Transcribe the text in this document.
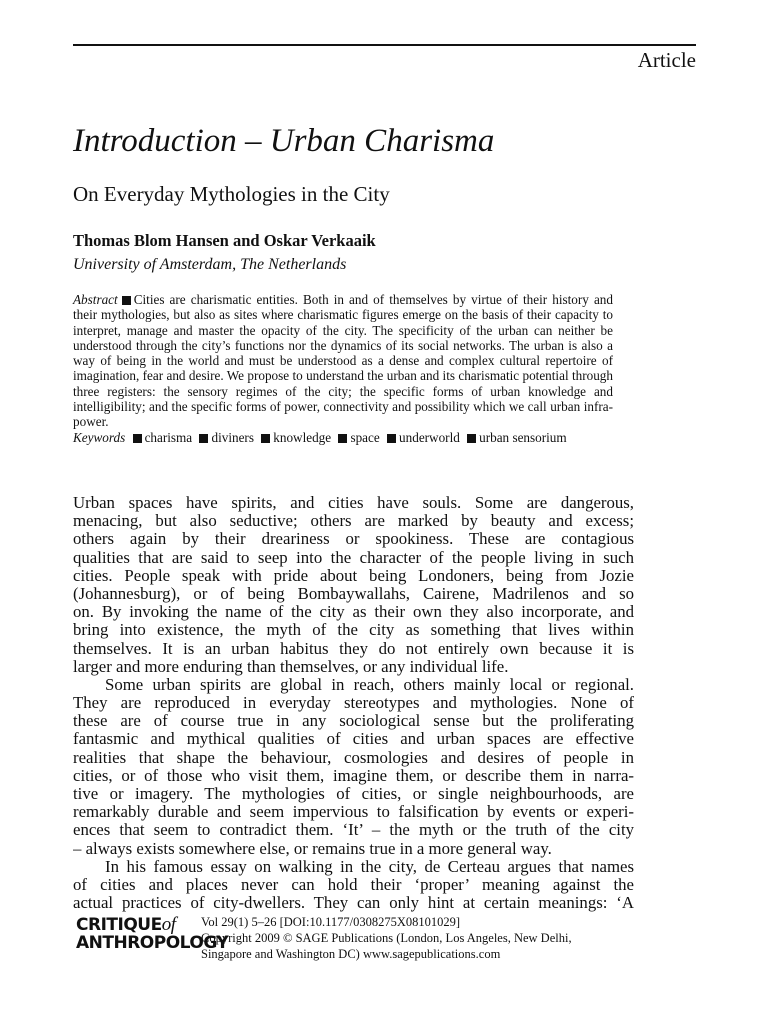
Article
Introduction – Urban Charisma
On Everyday Mythologies in the City
Thomas Blom Hansen and Oskar Verkaaik
University of Amsterdam, The Netherlands
Abstract Cities are charismatic entities. Both in and of themselves by virtue of their history and their mythologies, but also as sites where charismatic figures emerge on the basis of their capacity to interpret, manage and master the opacity of the city. The specificity of the urban can neither be understood through the city’s functions nor the dynamics of its social networks. The urban is also a way of being in the world and must be understood as a dense and complex cultural repertoire of imagination, fear and desire. We propose to understand the urban and its charismatic potential through three registers: the sensory regimes of the city; the specific forms of urban knowledge and intelligibility; and the specific forms of power, connectivity and possibility which we call urban infra-power.
Keywords charisma diviners knowledge space underworld urban sensorium
Urban spaces have spirits, and cities have souls. Some are dangerous,
menacing, but also seductive; others are marked by beauty and excess;
others again by their dreariness or spookiness. These are contagious
qualities that are said to seep into the character of the people living in such
cities. People speak with pride about being Londoners, being from Jozie
(Johannesburg), or of being Bombaywallahs, Cairene, Madrilenos and so
on. By invoking the name of the city as their own they also incorporate, and
bring into existence, the myth of the city as something that lives within
themselves. It is an urban habitus they do not entirely own because it is
larger and more enduring than themselves, or any individual life.
Some urban spirits are global in reach, others mainly local or regional.
They are reproduced in everyday stereotypes and mythologies. None of
these are of course true in any sociological sense but the proliferating
fantasmic and mythical qualities of cities and urban spaces are effective
realities that shape the behaviour, cosmologies and desires of people in
cities, or of those who visit them, imagine them, or describe them in narra-
tive or imagery. The mythologies of cities, or single neighbourhoods, are
remarkably durable and seem impervious to falsification by events or experi-
ences that seem to contradict them. ‘It’ – the myth or the truth of the city
– always exists somewhere else, or remains true in a more general way.
In his famous essay on walking in the city, de Certeau argues that names
of cities and places never can hold their ‘proper’ meaning against the
actual practices of city-dwellers. They can only hint at certain meanings: ‘A
CRITIQUEof
ANTHROPOLOGY
Vol 29(1) 5–26 [DOI:10.1177/0308275X08101029]
Copyright 2009 © SAGE Publications (London, Los Angeles, New Delhi,
Singapore and Washington DC) www.sagepublications.com
